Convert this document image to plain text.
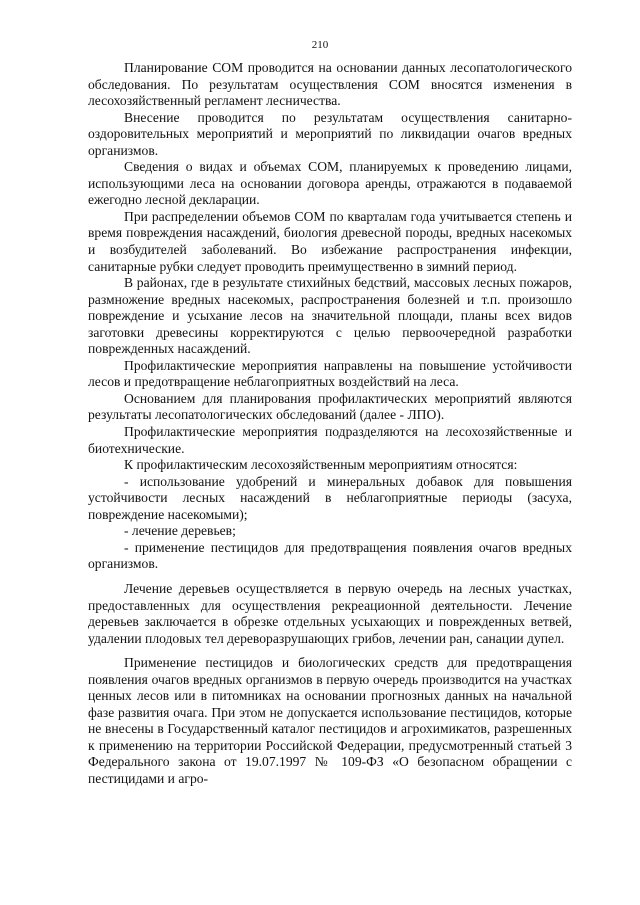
210

Планирование СОМ проводится на основании данных лесопатологического обследования. По результатам осуществления СОМ вносятся изменения в лесохозяйственный регламент лесничества.

Внесение проводится по результатам осуществления санитарно-оздоровительных мероприятий и мероприятий по ликвидации очагов вредных организмов.

Сведения о видах и объемах СОМ, планируемых к проведению лицами, использующими леса на основании договора аренды, отражаются в подаваемой ежегодно лесной декларации.

При распределении объемов СОМ по кварталам года учитывается степень и время повреждения насаждений, биология древесной породы, вредных насекомых и возбудителей заболеваний. Во избежание распространения инфекции, санитарные рубки следует проводить преимущественно в зимний период.

В районах, где в результате стихийных бедствий, массовых лесных пожаров, размножение вредных насекомых, распространения болезней и т.п. произошло повреждение и усыхание лесов на значительной площади, планы всех видов заготовки древесины корректируются с целью первоочередной разработки поврежденных насаждений.

Профилактические мероприятия направлены на повышение устойчивости лесов и предотвращение неблагоприятных воздействий на леса.

Основанием для планирования профилактических мероприятий являются результаты лесопатологических обследований (далее - ЛПО).

Профилактические мероприятия подразделяются на лесохозяйственные и биотехнические.

К профилактическим лесохозяйственным мероприятиям относятся:

- использование удобрений и минеральных добавок для повышения устойчивости лесных насаждений в неблагоприятные периоды (засуха, повреждение насекомыми);

- лечение деревьев;

- применение пестицидов для предотвращения появления очагов вредных организмов.

Лечение деревьев осуществляется в первую очередь на лесных участках, предоставленных для осуществления рекреационной деятельности. Лечение деревьев заключается в обрезке отдельных усыхающих и поврежденных ветвей, удалении плодовых тел дереворазрушающих грибов, лечении ран, санации дупел.

Применение пестицидов и биологических средств для предотвращения появления очагов вредных организмов в первую очередь производится на участках ценных лесов или в питомниках на основании прогнозных данных на начальной фазе развития очага. При этом не допускается использование пестицидов, которые не внесены в Государственный каталог пестицидов и агрохимикатов, разрешенных к применению на территории Российской Федерации, предусмотренный статьей 3 Федерального закона от 19.07.1997 № 109-ФЗ «О безопасном обращении с пестицидами и агро-
